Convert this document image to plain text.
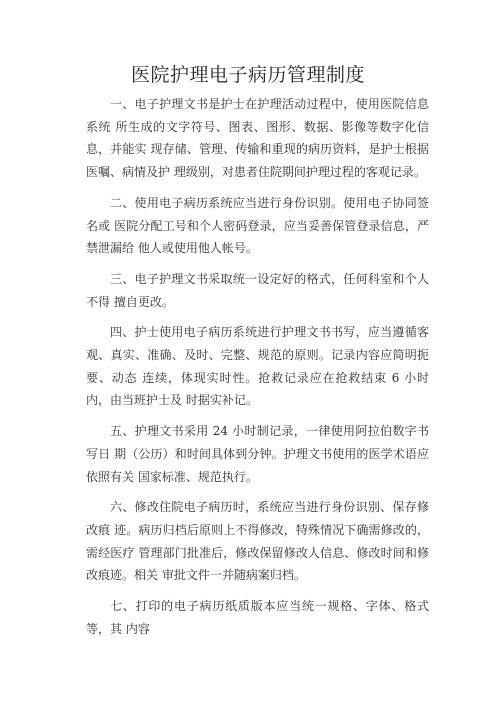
医院护理电子病历管理制度

一、电子护理文书是护士在护理活动过程中，使用医院信息系统 所生成的文字符号、图表、图形、数据、影像等数字化信息，并能实 现存储、管理、传输和重现的病历资料，是护士根据医嘱、病情及护 理级别，对患者住院期间护理过程的客观记录。

二、使用电子病历系统应当进行身份识别。使用电子协同签名或 医院分配工号和个人密码登录，应当妥善保管登录信息，严禁泄漏给 他人或使用他人帐号。

三、电子护理文书采取统一设定好的格式，任何科室和个人不得 擅自更改。

四、护士使用电子病历系统进行护理文书书写，应当遵循客观、真实、准确、及时、完整、规范的原则。记录内容应简明扼要、动态 连续，体现实时性。抢救记录应在抢救结束 6 小时内，由当班护士及 时据实补记。

五、护理文书采用 24 小时制记录，一律使用阿拉伯数字书写日 期（公历）和时间具体到分钟。护理文书使用的医学术语应依照有关 国家标准、规范执行。

六、修改住院电子病历时，系统应当进行身份识别、保存修改痕 迹。病历归档后原则上不得修改，特殊情况下确需修改的，需经医疗 管理部门批准后，修改保留修改人信息、修改时间和修改痕迹。相关 审批文件一并随病案归档。

七、打印的电子病历纸质版本应当统一规格、字体、格式等，其 内容
